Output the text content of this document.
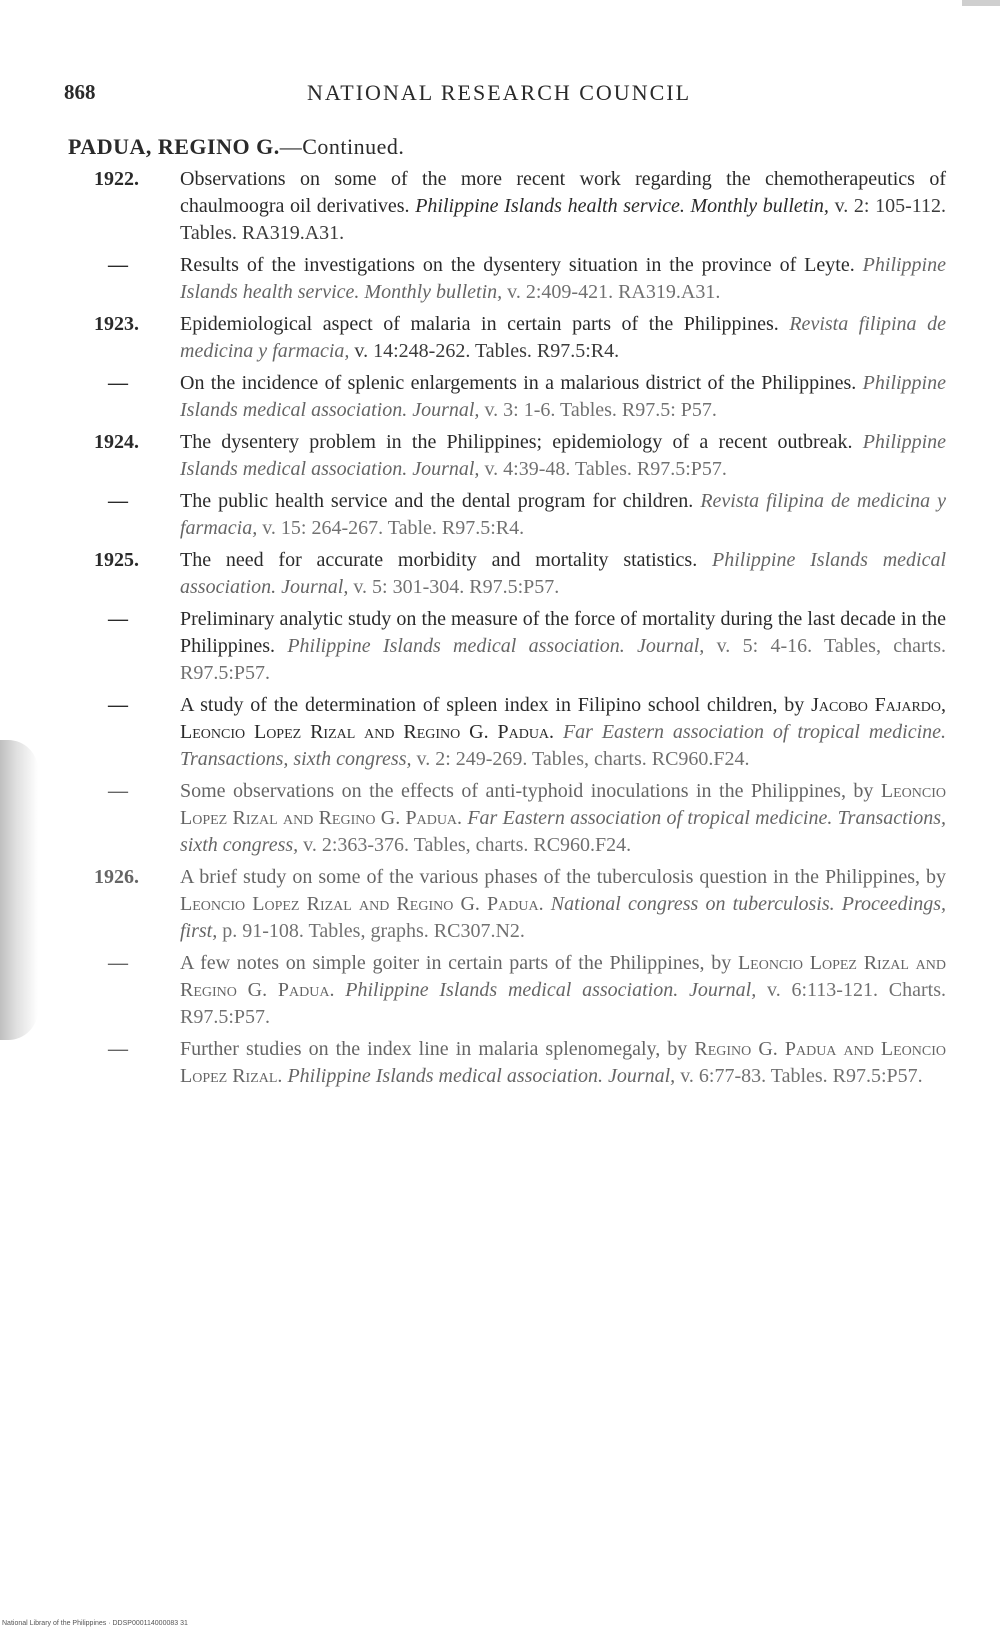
868	NATIONAL RESEARCH COUNCIL
PADUA, REGINO G.—Continued.
1922. Observations on some of the more recent work regarding the chemotherapeutics of chaulmoogra oil derivatives. Philippine Islands health service. Monthly bulletin, v. 2: 105-112. Tables. RA319.A31.
—	Results of the investigations on the dysentery situation in the province of Leyte. Philippine Islands health service. Monthly bulletin, v. 2:409-421. RA319.A31.
1923. Epidemiological aspect of malaria in certain parts of the Philippines. Revista filipina de medicina y farmacia, v. 14:248-262. Tables. R97.5:R4.
—	On the incidence of splenic enlargements in a malarious district of the Philippines. Philippine Islands medical association. Journal, v. 3: 1-6. Tables. R97.5: P57.
1924. The dysentery problem in the Philippines; epidemiology of a recent outbreak. Philippine Islands medical association. Journal, v. 4:39-48. Tables. R97.5:P57.
—	The public health service and the dental program for children. Revista filipina de medicina y farmacia, v. 15: 264-267. Table. R97.5:R4.
1925. The need for accurate morbidity and mortality statistics. Philippine Islands medical association. Journal, v. 5: 301-304. R97.5:P57.
—	Preliminary analytic study on the measure of the force of mortality during the last decade in the Philippines. Philippine Islands medical association. Journal, v. 5: 4-16. Tables, charts. R97.5:P57.
—	A study of the determination of spleen index in Filipino school children, by Jacobo Fajardo, Leoncio Lopez Rizal and Regino G. Padua. Far Eastern association of tropical medicine. Transactions, sixth congress, v. 2: 249-269. Tables, charts. RC960.F24.
—	Some observations on the effects of anti-typhoid inoculations in the Philippines, by Leoncio Lopez Rizal and Regino G. Padua. Far Eastern association of tropical medicine. Transactions, sixth congress, v. 2:363-376. Tables, charts. RC960.F24.
1926. A brief study on some of the various phases of the tuberculosis question in the Philippines, by Leoncio Lopez Rizal and Regino G. Padua. National congress on tuberculosis. Proceedings, first, p. 91-108. Tables, graphs. RC307.N2.
—	A few notes on simple goiter in certain parts of the Philippines, by Leoncio Lopez Rizal and Regino G. Padua. Philippine Islands medical association. Journal, v. 6:113-121. Charts. R97.5:P57.
—	Further studies on the index line in malaria splenomegaly, by Regino G. Padua and Leoncio Lopez Rizal. Philippine Islands medical association. Journal, v. 6:77-83. Tables. R97.5:P57.
National Library of the Philippines · DDSP000114000083 31
